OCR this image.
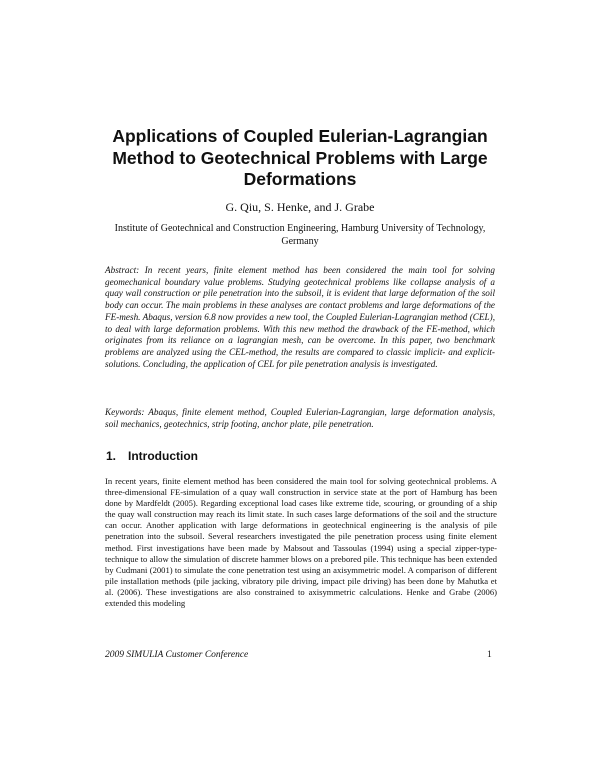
Applications of Coupled Eulerian-Lagrangian Method to Geotechnical Problems with Large Deformations
G. Qiu, S. Henke, and J. Grabe
Institute of Geotechnical and Construction Engineering, Hamburg University of Technology, Germany

Abstract: In recent years, finite element method has been considered the main tool for solving geomechanical boundary value problems. Studying geotechnical problems like collapse analysis of a quay wall construction or pile penetration into the subsoil, it is evident that large deformation of the soil body can occur. The main problems in these analyses are contact problems and large deformations of the FE-mesh. Abaqus, version 6.8 now provides a new tool, the Coupled Eulerian-Lagrangian method (CEL), to deal with large deformation problems. With this new method the drawback of the FE-method, which originates from its reliance on a lagrangian mesh, can be overcome. In this paper, two benchmark problems are analyzed using the CEL-method, the results are compared to classic implicit- and explicit-solutions. Concluding, the application of CEL for pile penetration analysis is investigated.

Keywords: Abaqus, finite element method, Coupled Eulerian-Lagrangian, large deformation analysis, soil mechanics, geotechnics, strip footing, anchor plate, pile penetration.

1. Introduction

In recent years, finite element method has been considered the main tool for solving geotechnical problems. A three-dimensional FE-simulation of a quay wall construction in service state at the port of Hamburg has been done by Mardfeldt (2005). Regarding exceptional load cases like extreme tide, scouring, or grounding of a ship the quay wall construction may reach its limit state. In such cases large deformations of the soil and the structure can occur. Another application with large deformations in geotechnical engineering is the analysis of pile penetration into the subsoil. Several researchers investigated the pile penetration process using finite element method. First investigations have been made by Mabsout and Tassoulas (1994) using a special zipper-type-technique to allow the simulation of discrete hammer blows on a prebored pile. This technique has been extended by Cudmani (2001) to simulate the cone penetration test using an axisymmetric model. A comparison of different pile installation methods (pile jacking, vibratory pile driving, impact pile driving) has been done by Mahutka et al. (2006). These investigations are also constrained to axisymmetric calculations. Henke and Grabe (2006) extended this modeling

2009 SIMULIA Customer Conference	1
